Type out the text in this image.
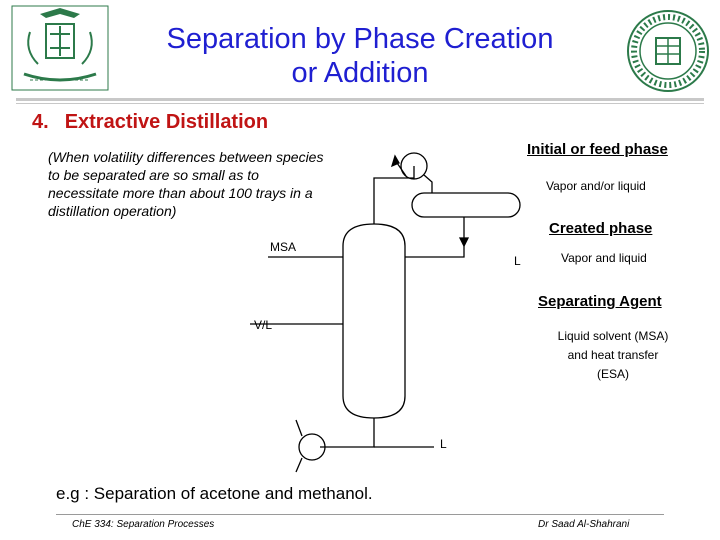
Separation by Phase Creation
or Addition
4. Extractive Distillation
(When volatility differences between species to be separated are so small as to necessitate more than about 100 trays in a distillation operation)
MSA
V/L
L
L
Initial or feed phase
Vapor and/or liquid
Created phase
Vapor and liquid
Separating Agent
Liquid solvent (MSA) and heat transfer (ESA)
e.g : Separation of acetone and methanol.
ChE 334: Separation Processes	Dr Saad Al-Shahrani
